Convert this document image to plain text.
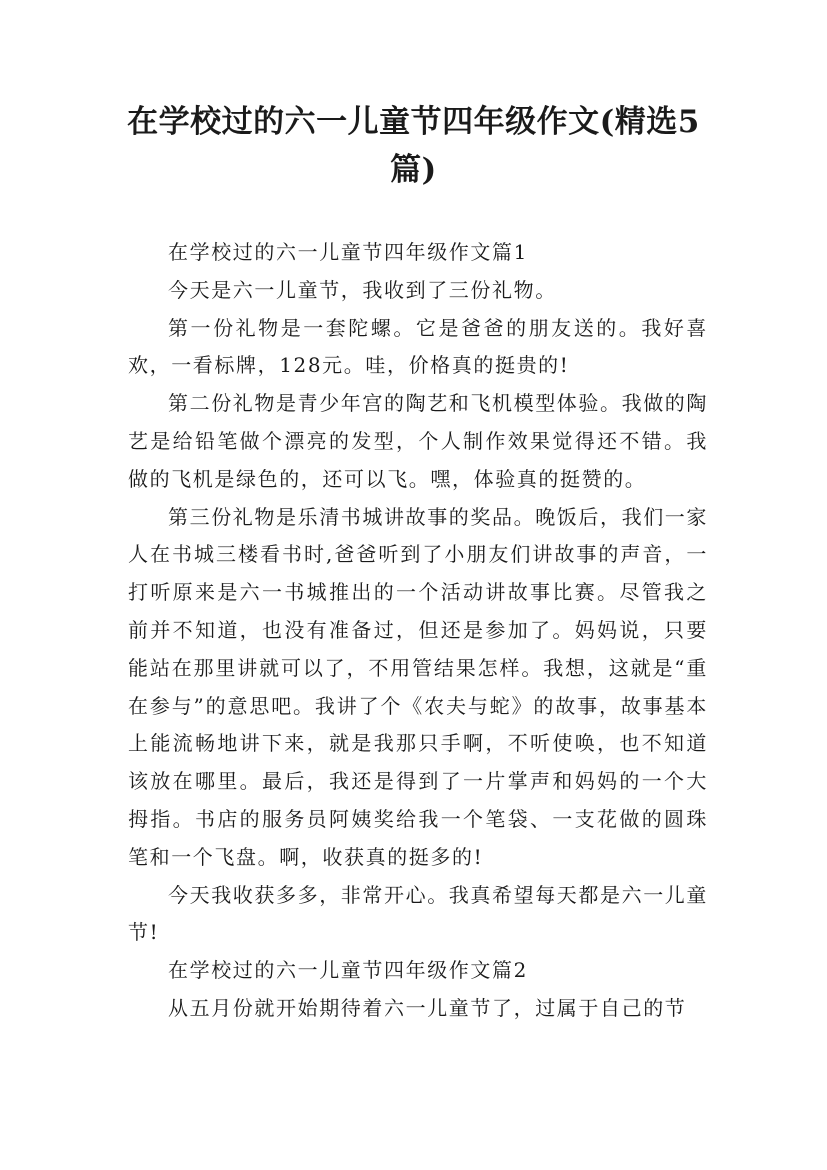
在学校过的六一儿童节四年级作文(精选5篇)

在学校过的六一儿童节四年级作文篇1

今天是六一儿童节，我收到了三份礼物。

第一份礼物是一套陀螺。它是爸爸的朋友送的。我好喜欢，一看标牌，128元。哇，价格真的挺贵的!

第二份礼物是青少年宫的陶艺和飞机模型体验。我做的陶艺是给铅笔做个漂亮的发型，个人制作效果觉得还不错。我做的飞机是绿色的，还可以飞。嘿，体验真的挺赞的。

第三份礼物是乐清书城讲故事的奖品。晚饭后，我们一家人在书城三楼看书时,爸爸听到了小朋友们讲故事的声音，一打听原来是六一书城推出的一个活动讲故事比赛。尽管我之前并不知道，也没有准备过，但还是参加了。妈妈说，只要能站在那里讲就可以了，不用管结果怎样。我想，这就是“重在参与”的意思吧。我讲了个《农夫与蛇》的故事，故事基本上能流畅地讲下来，就是我那只手啊，不听使唤，也不知道该放在哪里。最后，我还是得到了一片掌声和妈妈的一个大拇指。书店的服务员阿姨奖给我一个笔袋、一支花做的圆珠笔和一个飞盘。啊，收获真的挺多的!

今天我收获多多，非常开心。我真希望每天都是六一儿童节!

在学校过的六一儿童节四年级作文篇2

从五月份就开始期待着六一儿童节了，过属于自己的节
